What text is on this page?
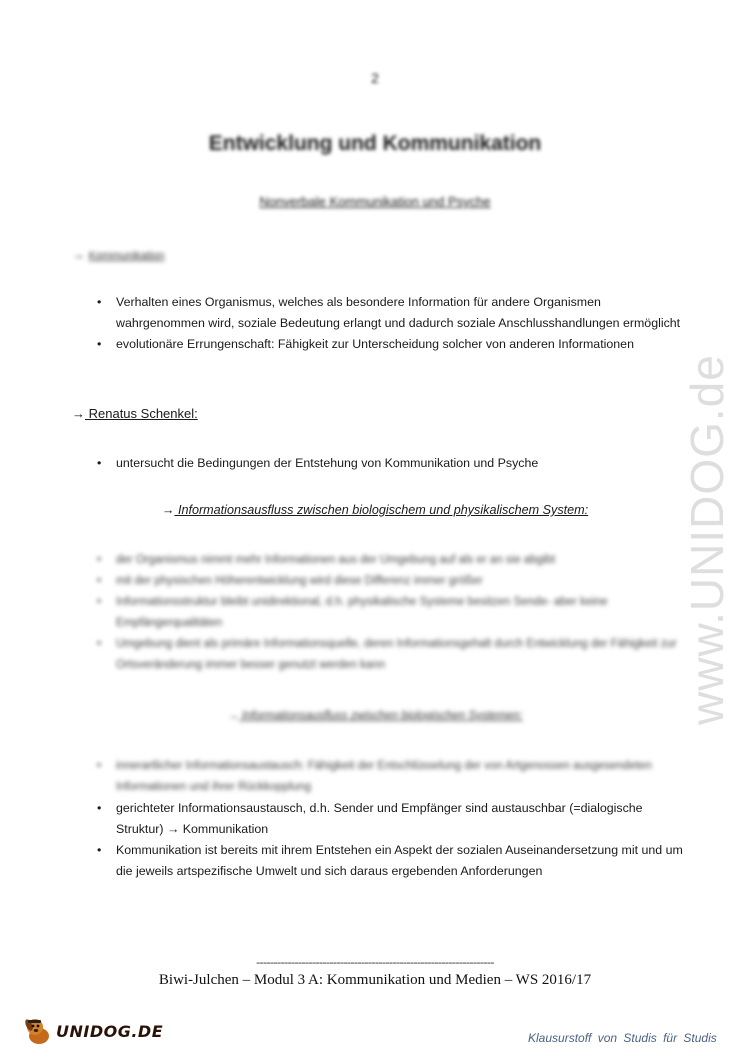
2
Entwicklung und Kommunikation
Nonverbale Kommunikation und Psyche
→ Kommunikation
• Verhalten eines Organismus, welches als besondere Information für andere Organismen wahrgenommen wird, soziale Bedeutung erlangt und dadurch soziale Anschlusshandlungen ermöglicht
• evolutionäre Errungenschaft: Fähigkeit zur Unterscheidung solcher von anderen Informationen
→ Renatus Schenkel:
• untersucht die Bedingungen der Entstehung von Kommunikation und Psyche
→ Informationsausfluss zwischen biologischem und physikalischem System:
• der Organismus nimmt mehr Informationen aus der Umgebung auf als er an sie abgibt
• mit der physischen Höherentwicklung wird diese Differenz immer größer
• Informationsstruktur bleibt unidirektional, d.h. physikalische Systeme besitzen Sende- aber keine Empfängerqualitäten
• Umgebung dient als primäre Informationsquelle, deren Informationsgehalt durch Entwicklung der Fähigkeit zur Ortsveränderung immer besser genutzt werden kann
→ Informationsausfluss zwischen biologischen Systemen:
• innerartlicher Informationsaustausch: Fähigkeit der Entschlüsselung der von Artgenossen ausgesendeten Informationen und ihrer Rückkopplung
• gerichteter Informationsaustausch, d.h. Sender und Empfänger sind austauschbar (=dialogische Struktur) → Kommunikation
• Kommunikation ist bereits mit ihrem Entstehen ein Aspekt der sozialen Auseinandersetzung mit und um die jeweils artspezifische Umwelt und sich daraus ergebenden Anforderungen
www.UNIDOG.de
--------------------------------------------------------------------
Biwi-Julchen – Modul 3 A: Kommunikation und Medien – WS 2016/17
UNIDOG.DE	Klausurstoff von Studis für Studis
